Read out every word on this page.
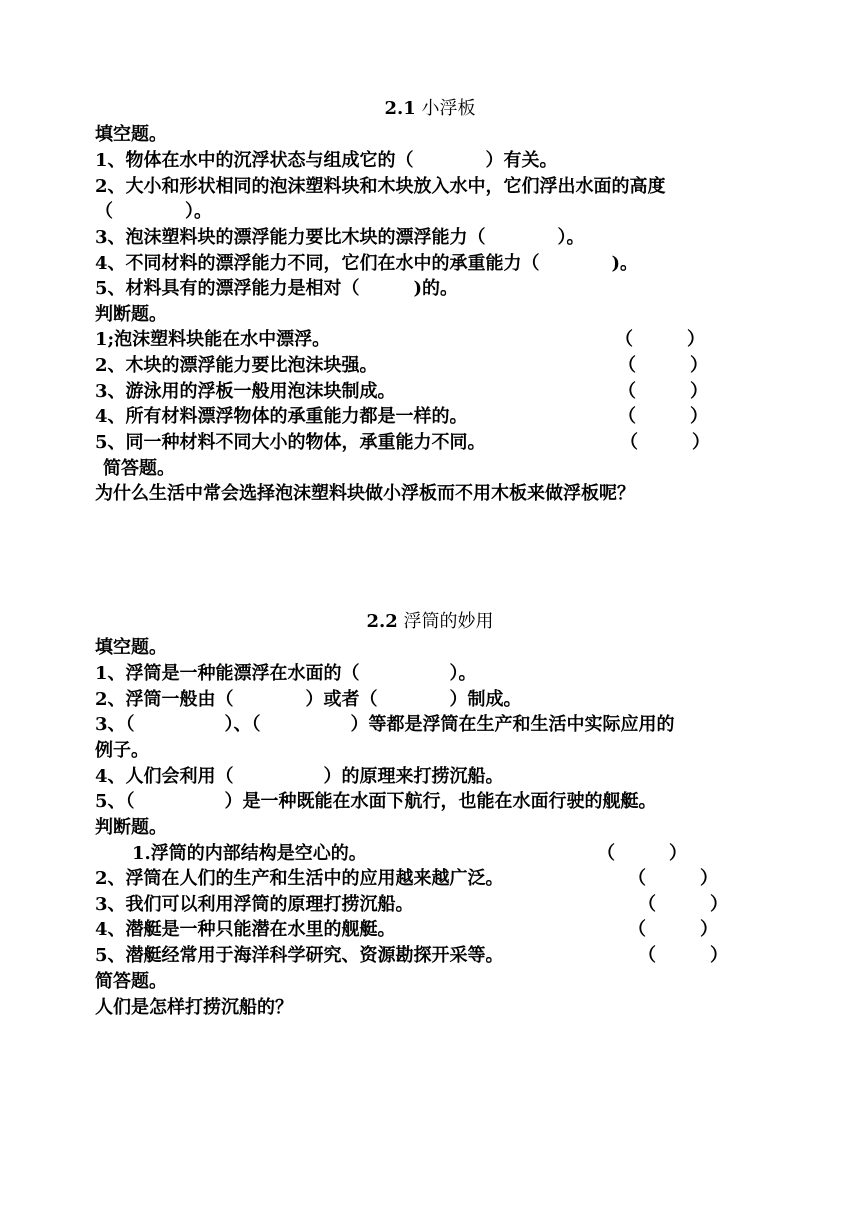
2.1 小浮板
填空题。
1、物体在水中的沉浮状态与组成它的（　　　　）有关。
2、大小和形状相同的泡沫塑料块和木块放入水中，它们浮出水面的高度
（　　　　）。
3、泡沫塑料块的漂浮能力要比木块的漂浮能力（　　　　）。
4、不同材料的漂浮能力不同，它们在水中的承重能力（　　　　)。
5、材料具有的漂浮能力是相对（　　　)的。
判断题。
1;泡沫塑料块能在水中漂浮。	（　　　）
2、木块的漂浮能力要比泡沫块强。	（　　　）
3、游泳用的浮板一般用泡沫块制成。	（　　　）
4、所有材料漂浮物体的承重能力都是一样的。	（　　　）
5、同一种材料不同大小的物体，承重能力不同。	（　　　）
简答题。
为什么生活中常会选择泡沫塑料块做小浮板而不用木板来做浮板呢？
2.2 浮筒的妙用
填空题。
1、浮筒是一种能漂浮在水面的（　　　　　）。
2、浮筒一般由（　　　　）或者（　　　　）制成。
3、（　　　　　）、（　　　　　）等都是浮筒在生产和生活中实际应用的
例子。
4、人们会利用（　　　　　）的原理来打捞沉船。
5、（　　　　　）是一种既能在水面下航行，也能在水面行驶的舰艇。
判断题。
1.浮筒的内部结构是空心的。	（　　　）
2、浮筒在人们的生产和生活中的应用越来越广泛。	（　　　）
3、我们可以利用浮筒的原理打捞沉船。	（　　　）
4、潜艇是一种只能潜在水里的舰艇。	（　　　）
5、潜艇经常用于海洋科学研究、资源勘探开采等。	（　　　）
简答题。
人们是怎样打捞沉船的？
